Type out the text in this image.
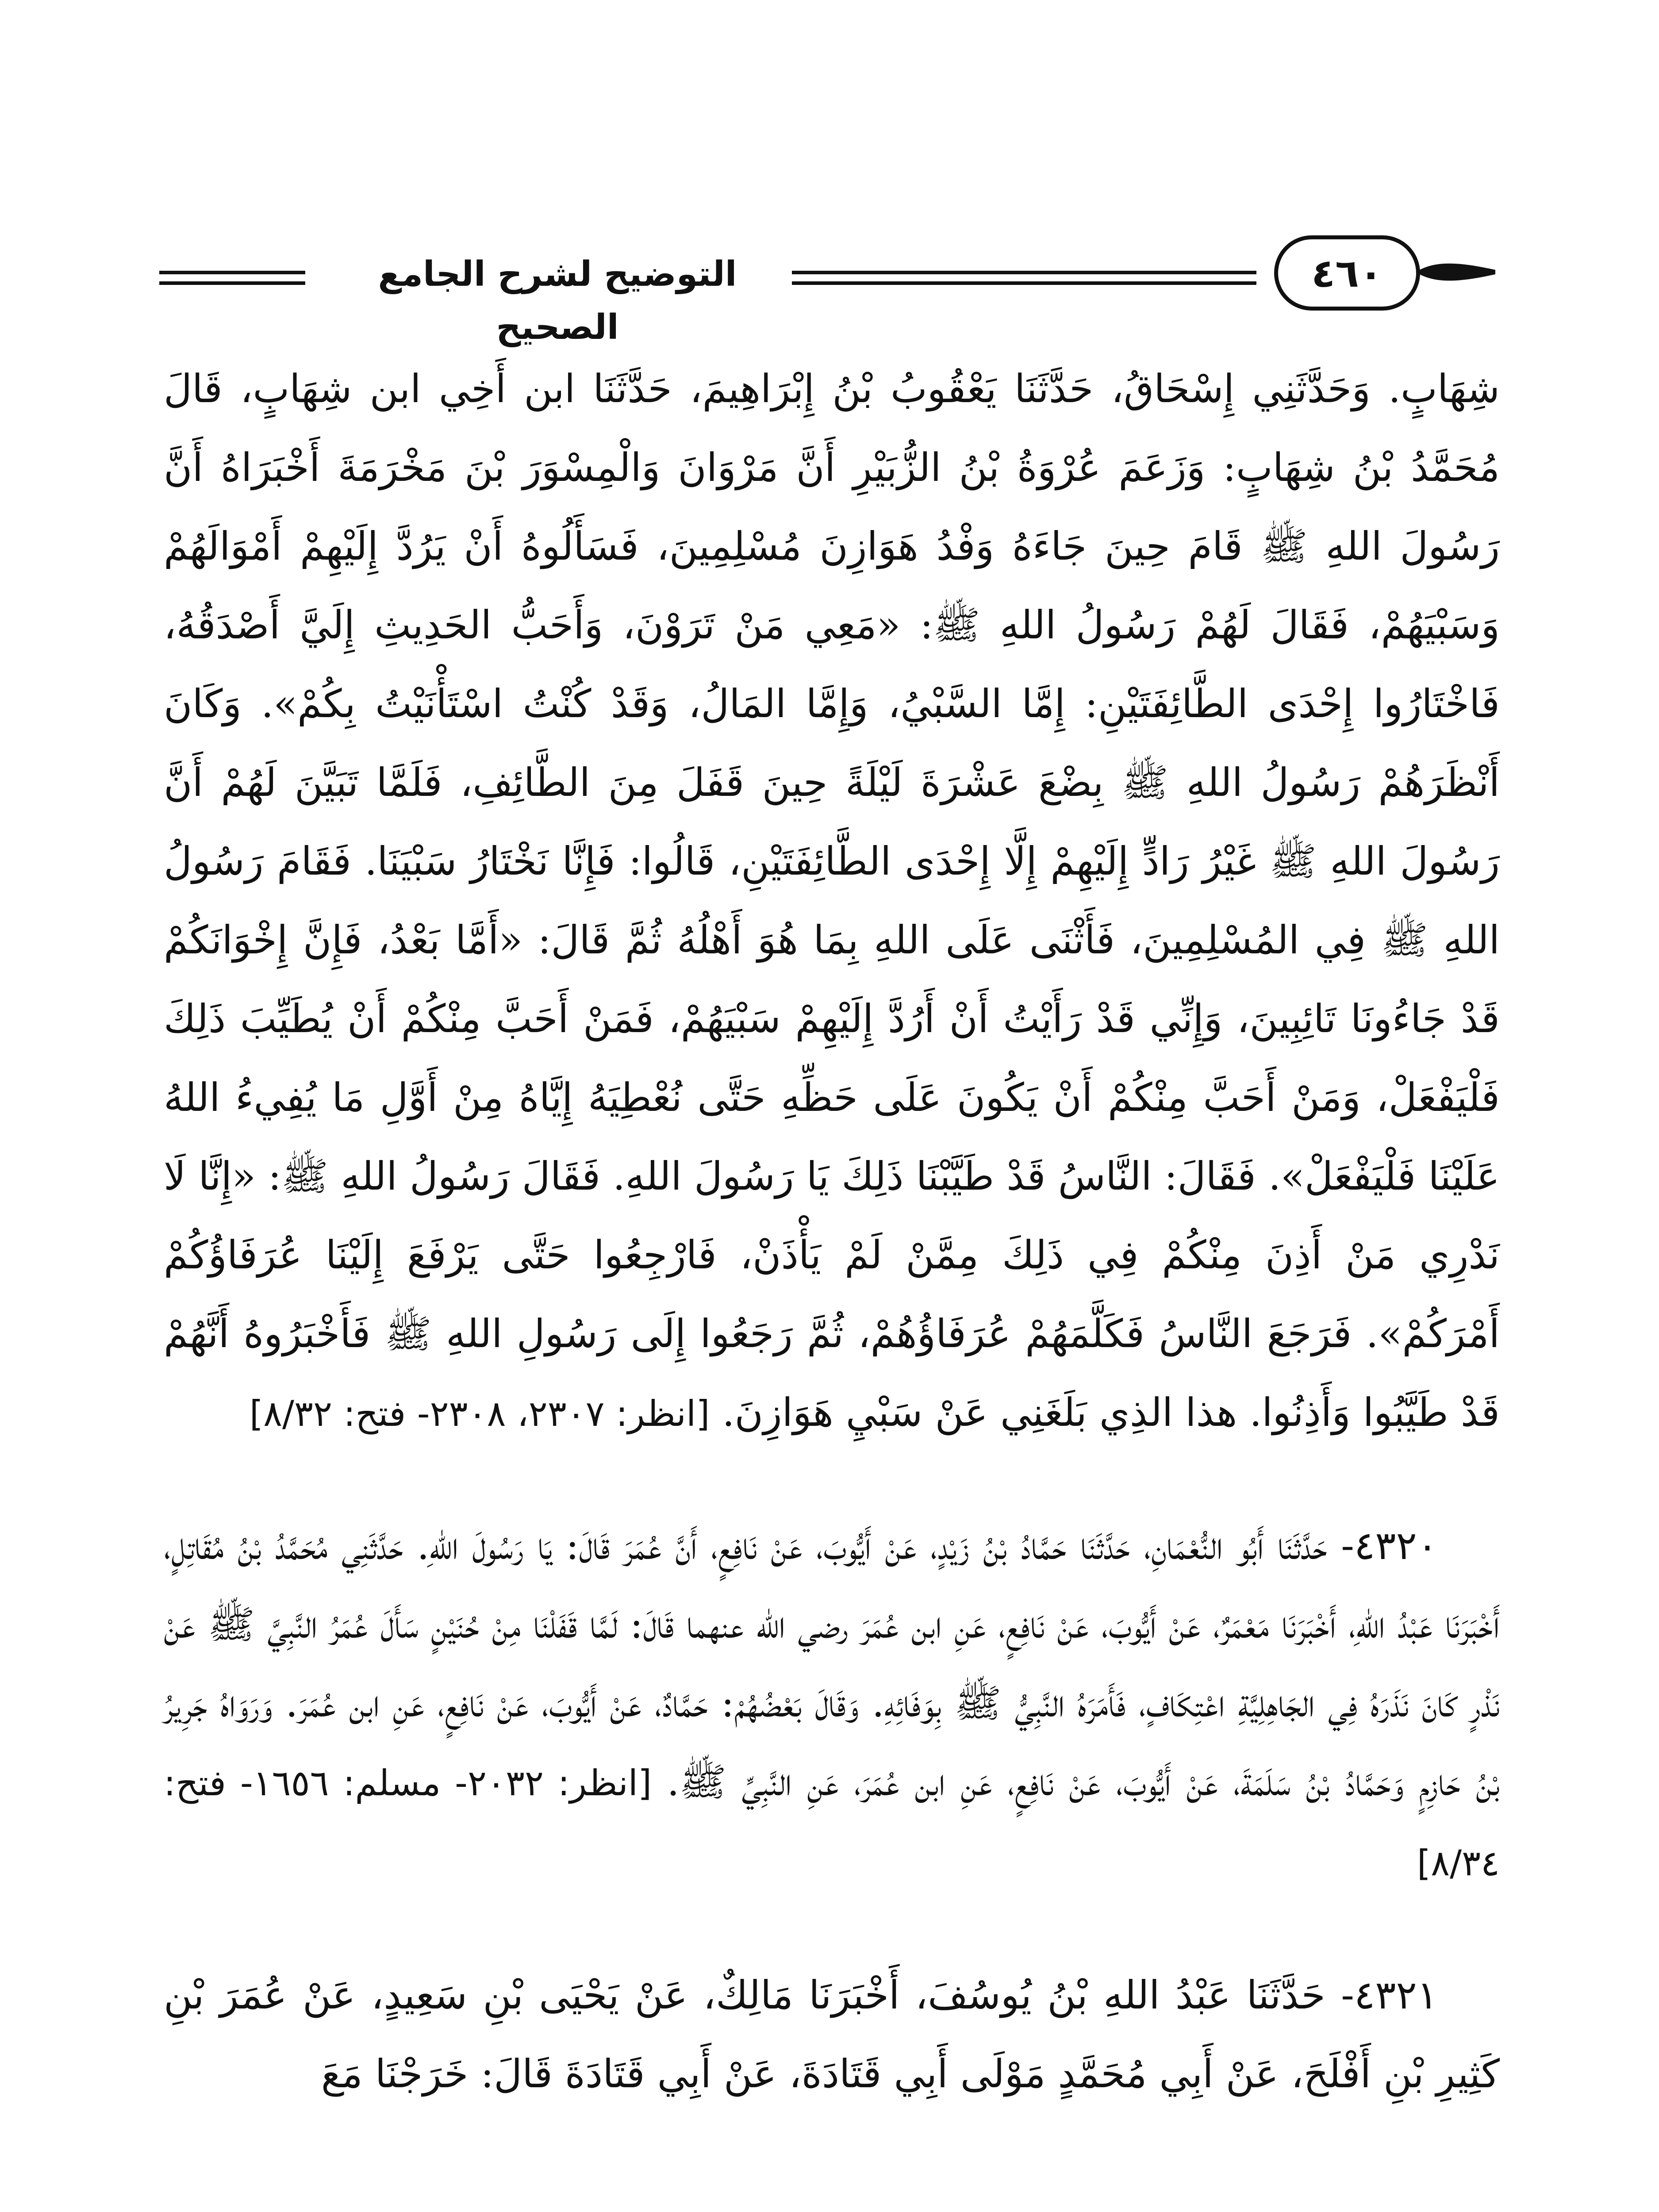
التوضيح لشرح الجامع الصحيح
٤٦٠

شِهَابٍ. وَحَدَّثَنِي إِسْحَاقُ، حَدَّثَنَا يَعْقُوبُ بْنُ إِبْرَاهِيمَ، حَدَّثَنَا ابن أَخِي ابن شِهَابٍ، قَالَ مُحَمَّدُ بْنُ شِهَابٍ: وَزَعَمَ عُرْوَةُ بْنُ الزُّبَيْرِ أَنَّ مَرْوَانَ وَالْمِسْوَرَ بْنَ مَخْرَمَةَ أَخْبَرَاهُ أَنَّ رَسُولَ اللهِ ﷺ قَامَ حِينَ جَاءَهُ وَفْدُ هَوَازِنَ مُسْلِمِينَ، فَسَأَلُوهُ أَنْ يَرُدَّ إِلَيْهِمْ أَمْوَالَهُمْ وَسَبْيَهُمْ، فَقَالَ لَهُمْ رَسُولُ اللهِ ﷺ: «مَعِي مَنْ تَرَوْنَ، وَأَحَبُّ الحَدِيثِ إِلَيَّ أَصْدَقُهُ، فَاخْتَارُوا إِحْدَى الطَّائِفَتَيْنِ: إِمَّا السَّبْيُ، وَإِمَّا المَالُ، وَقَدْ كُنْتُ اسْتَأْنَيْتُ بِكُمْ». وَكَانَ أَنْظَرَهُمْ رَسُولُ اللهِ ﷺ بِضْعَ عَشْرَةَ لَيْلَةً حِينَ قَفَلَ مِنَ الطَّائِفِ، فَلَمَّا تَبَيَّنَ لَهُمْ أَنَّ رَسُولَ اللهِ ﷺ غَيْرُ رَادٍّ إِلَيْهِمْ إِلَّا إِحْدَى الطَّائِفَتَيْنِ، قَالُوا: فَإِنَّا نَخْتَارُ سَبْيَنَا. فَقَامَ رَسُولُ اللهِ ﷺ فِي المُسْلِمِينَ، فَأَثْنَى عَلَى اللهِ بِمَا هُوَ أَهْلُهُ ثُمَّ قَالَ: «أَمَّا بَعْدُ، فَإِنَّ إِخْوَانَكُمْ قَدْ جَاءُونَا تَائِبِينَ، وَإِنِّي قَدْ رَأَيْتُ أَنْ أَرُدَّ إِلَيْهِمْ سَبْيَهُمْ، فَمَنْ أَحَبَّ مِنْكُمْ أَنْ يُطَيِّبَ ذَلِكَ فَلْيَفْعَلْ، وَمَنْ أَحَبَّ مِنْكُمْ أَنْ يَكُونَ عَلَى حَظِّهِ حَتَّى نُعْطِيَهُ إِيَّاهُ مِنْ أَوَّلِ مَا يُفِيءُ اللهُ عَلَيْنَا فَلْيَفْعَلْ». فَقَالَ: النَّاسُ قَدْ طَيَّبْنَا ذَلِكَ يَا رَسُولَ اللهِ. فَقَالَ رَسُولُ اللهِ ﷺ: «إِنَّا لَا نَدْرِي مَنْ أَذِنَ مِنْكُمْ فِي ذَلِكَ مِمَّنْ لَمْ يَأْذَنْ، فَارْجِعُوا حَتَّى يَرْفَعَ إِلَيْنَا عُرَفَاؤُكُمْ أَمْرَكُمْ». فَرَجَعَ النَّاسُ فَكَلَّمَهُمْ عُرَفَاؤُهُمْ، ثُمَّ رَجَعُوا إِلَى رَسُولِ اللهِ ﷺ فَأَخْبَرُوهُ أَنَّهُمْ قَدْ طَيَّبُوا وَأَذِنُوا. هذا الذِي بَلَغَنِي عَنْ سَبْيِ هَوَازِنَ. [انظر: ٢٣٠٧، ٢٣٠٨- فتح: ٨/٣٢]

٤٣٢٠- حَدَّثَنَا أَبُو النُّعْمَانِ، حَدَّثَنَا حَمَّادُ بْنُ زَيْدٍ، عَنْ أَيُّوبَ، عَنْ نَافِعٍ، أَنَّ عُمَرَ قَالَ: يَا رَسُولَ اللهِ. حَدَّثَنِي مُحَمَّدُ بْنُ مُقَاتِلٍ، أَخْبَرَنَا عَبْدُ اللهِ، أَخْبَرَنَا مَعْمَرٌ، عَنْ أَيُّوبَ، عَنْ نَافِعٍ، عَنِ ابن عُمَرَ رضي الله عنهما قَالَ: لَمَّا قَفَلْنَا مِنْ حُنَيْنٍ سَأَلَ عُمَرُ النَّبِيَّ ﷺ عَنْ نَذْرٍ كَانَ نَذَرَهُ فِي الجَاهِلِيَّةِ اعْتِكَافٍ، فَأَمَرَهُ النَّبِيُّ ﷺ بِوَفَائِهِ. وَقَالَ بَعْضُهُمْ: حَمَّادٌ، عَنْ أَيُّوبَ، عَنْ نَافِعٍ، عَنِ ابن عُمَرَ. وَرَوَاهُ جَرِيرُ بْنُ حَازِمٍ وَحَمَّادُ بْنُ سَلَمَةَ، عَنْ أَيُّوبَ، عَنْ نَافِعٍ، عَنِ ابن عُمَرَ، عَنِ النَّبِيِّ ﷺ. [انظر: ٢٠٣٢- مسلم: ١٦٥٦- فتح: ٨/٣٤]

٤٣٢١- حَدَّثَنَا عَبْدُ اللهِ بْنُ يُوسُفَ، أَخْبَرَنَا مَالِكٌ، عَنْ يَحْيَى بْنِ سَعِيدٍ، عَنْ عُمَرَ بْنِ كَثِيرِ بْنِ أَفْلَحَ، عَنْ أَبِي مُحَمَّدٍ مَوْلَى أَبِي قَتَادَةَ، عَنْ أَبِي قَتَادَةَ قَالَ: خَرَجْنَا مَعَ
